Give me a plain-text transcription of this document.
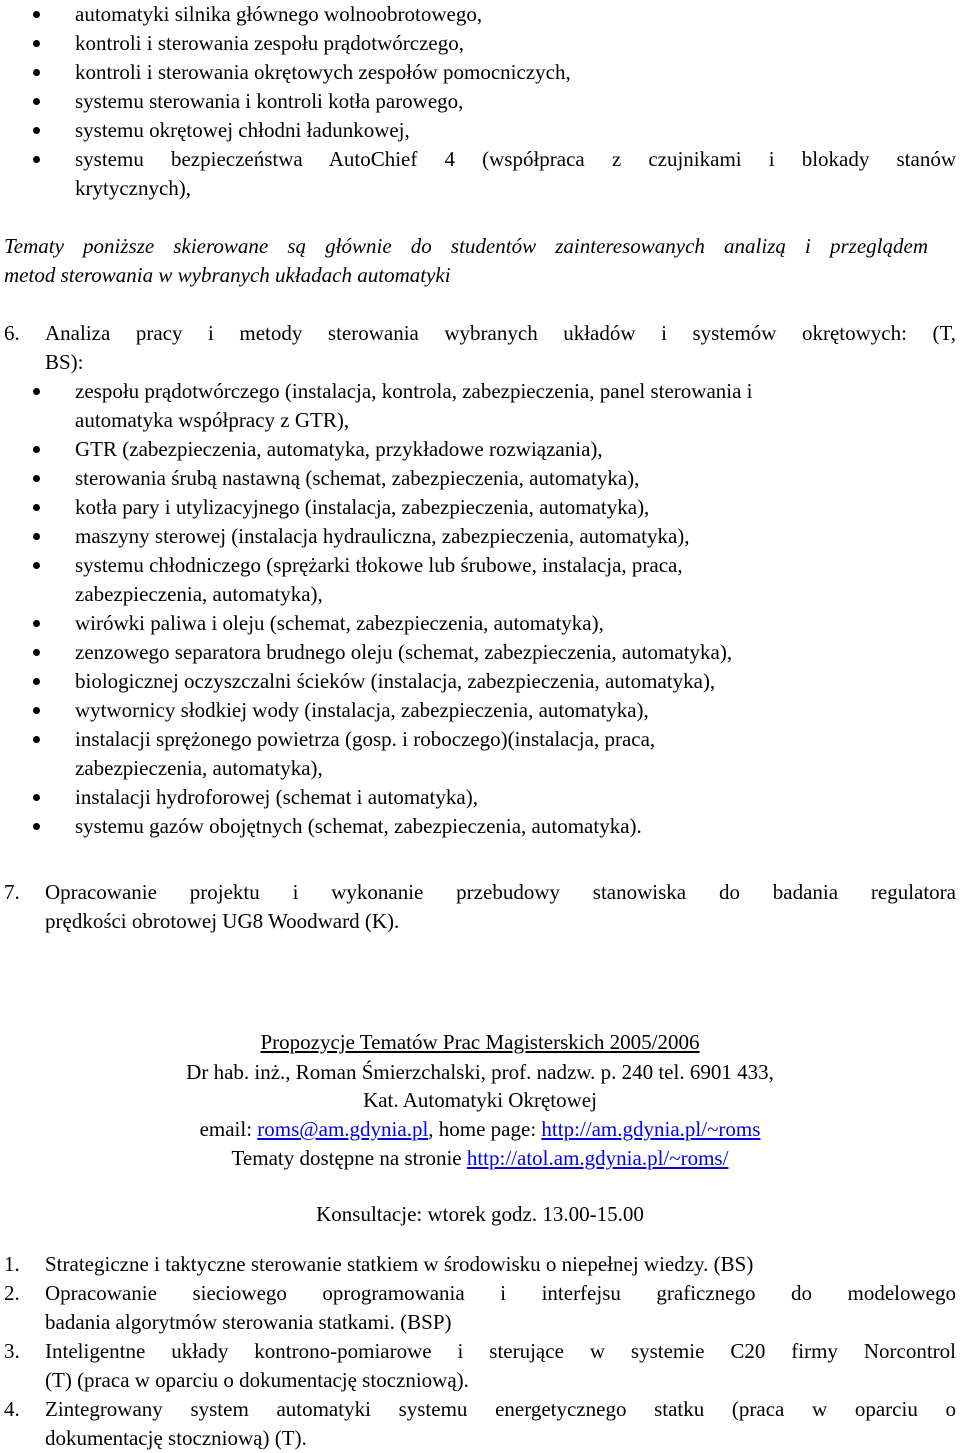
automatyki silnika głównego wolnoobrotowego,
kontroli i sterowania zespołu prądotwórczego,
kontroli i sterowania okrętowych zespołów pomocniczych,
systemu sterowania i kontroli kotła parowego,
systemu okrętowej chłodni ładunkowej,
systemu bezpieczeństwa AutoChief 4 (współpraca z czujnikami i blokady stanów
krytycznych),
Tematy poniższe skierowane są głównie do studentów zainteresowanych analizą i przeglądem
metod sterowania w wybranych układach automatyki
6. Analiza pracy i metody sterowania wybranych układów i systemów okrętowych: (T,
BS):
zespołu prądotwórczego (instalacja, kontrola, zabezpieczenia, panel sterowania i
automatyka współpracy z GTR),
GTR (zabezpieczenia, automatyka, przykładowe rozwiązania),
sterowania śrubą nastawną (schemat, zabezpieczenia, automatyka),
kotła pary i utylizacyjnego (instalacja, zabezpieczenia, automatyka),
maszyny sterowej (instalacja hydrauliczna, zabezpieczenia, automatyka),
systemu chłodniczego (sprężarki tłokowe lub śrubowe, instalacja, praca,
zabezpieczenia, automatyka),
wirówki paliwa i oleju (schemat, zabezpieczenia, automatyka),
zenzowego separatora brudnego oleju (schemat, zabezpieczenia, automatyka),
biologicznej oczyszczalni ścieków (instalacja, zabezpieczenia, automatyka),
wytwornicy słodkiej wody (instalacja, zabezpieczenia, automatyka),
instalacji sprężonego powietrza (gosp. i roboczego)(instalacja, praca,
zabezpieczenia, automatyka),
instalacji hydroforowej (schemat i automatyka),
systemu gazów obojętnych (schemat, zabezpieczenia, automatyka).
7. Opracowanie projektu i wykonanie przebudowy stanowiska do badania regulatora
prędkości obrotowej UG8 Woodward (K).
Propozycje Tematów Prac Magisterskich 2005/2006
Dr hab. inż., Roman Śmierzchalski, prof. nadzw. p. 240 tel. 6901 433,
Kat. Automatyki Okrętowej
email: roms@am.gdynia.pl, home page: http://am.gdynia.pl/~roms
Tematy dostępne na stronie http://atol.am.gdynia.pl/~roms/
Konsultacje: wtorek godz. 13.00-15.00
1. Strategiczne i taktyczne sterowanie statkiem w środowisku o niepełnej wiedzy. (BS)
2. Opracowanie sieciowego oprogramowania i interfejsu graficznego do modelowego
badania algorytmów sterowania statkami. (BSP)
3. Inteligentne układy kontrono-pomiarowe i sterujące w systemie C20 firmy Norcontrol
(T) (praca w oparciu o dokumentację stoczniową).
4. Zintegrowany system automatyki systemu energetycznego statku (praca w oparciu o
dokumentację stoczniową) (T).
